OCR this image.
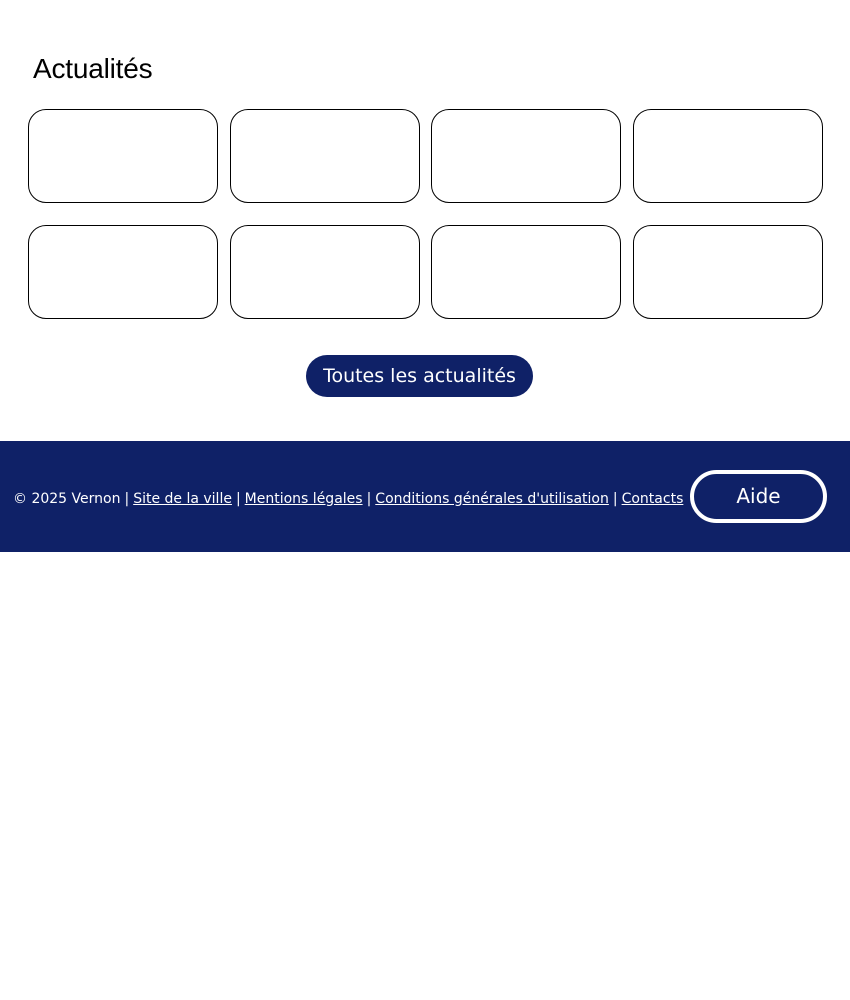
Actualités
Toutes les actualités
© 2025 Vernon | Site de la ville | Mentions légales | Conditions générales d'utilisation | Contacts	Aide
